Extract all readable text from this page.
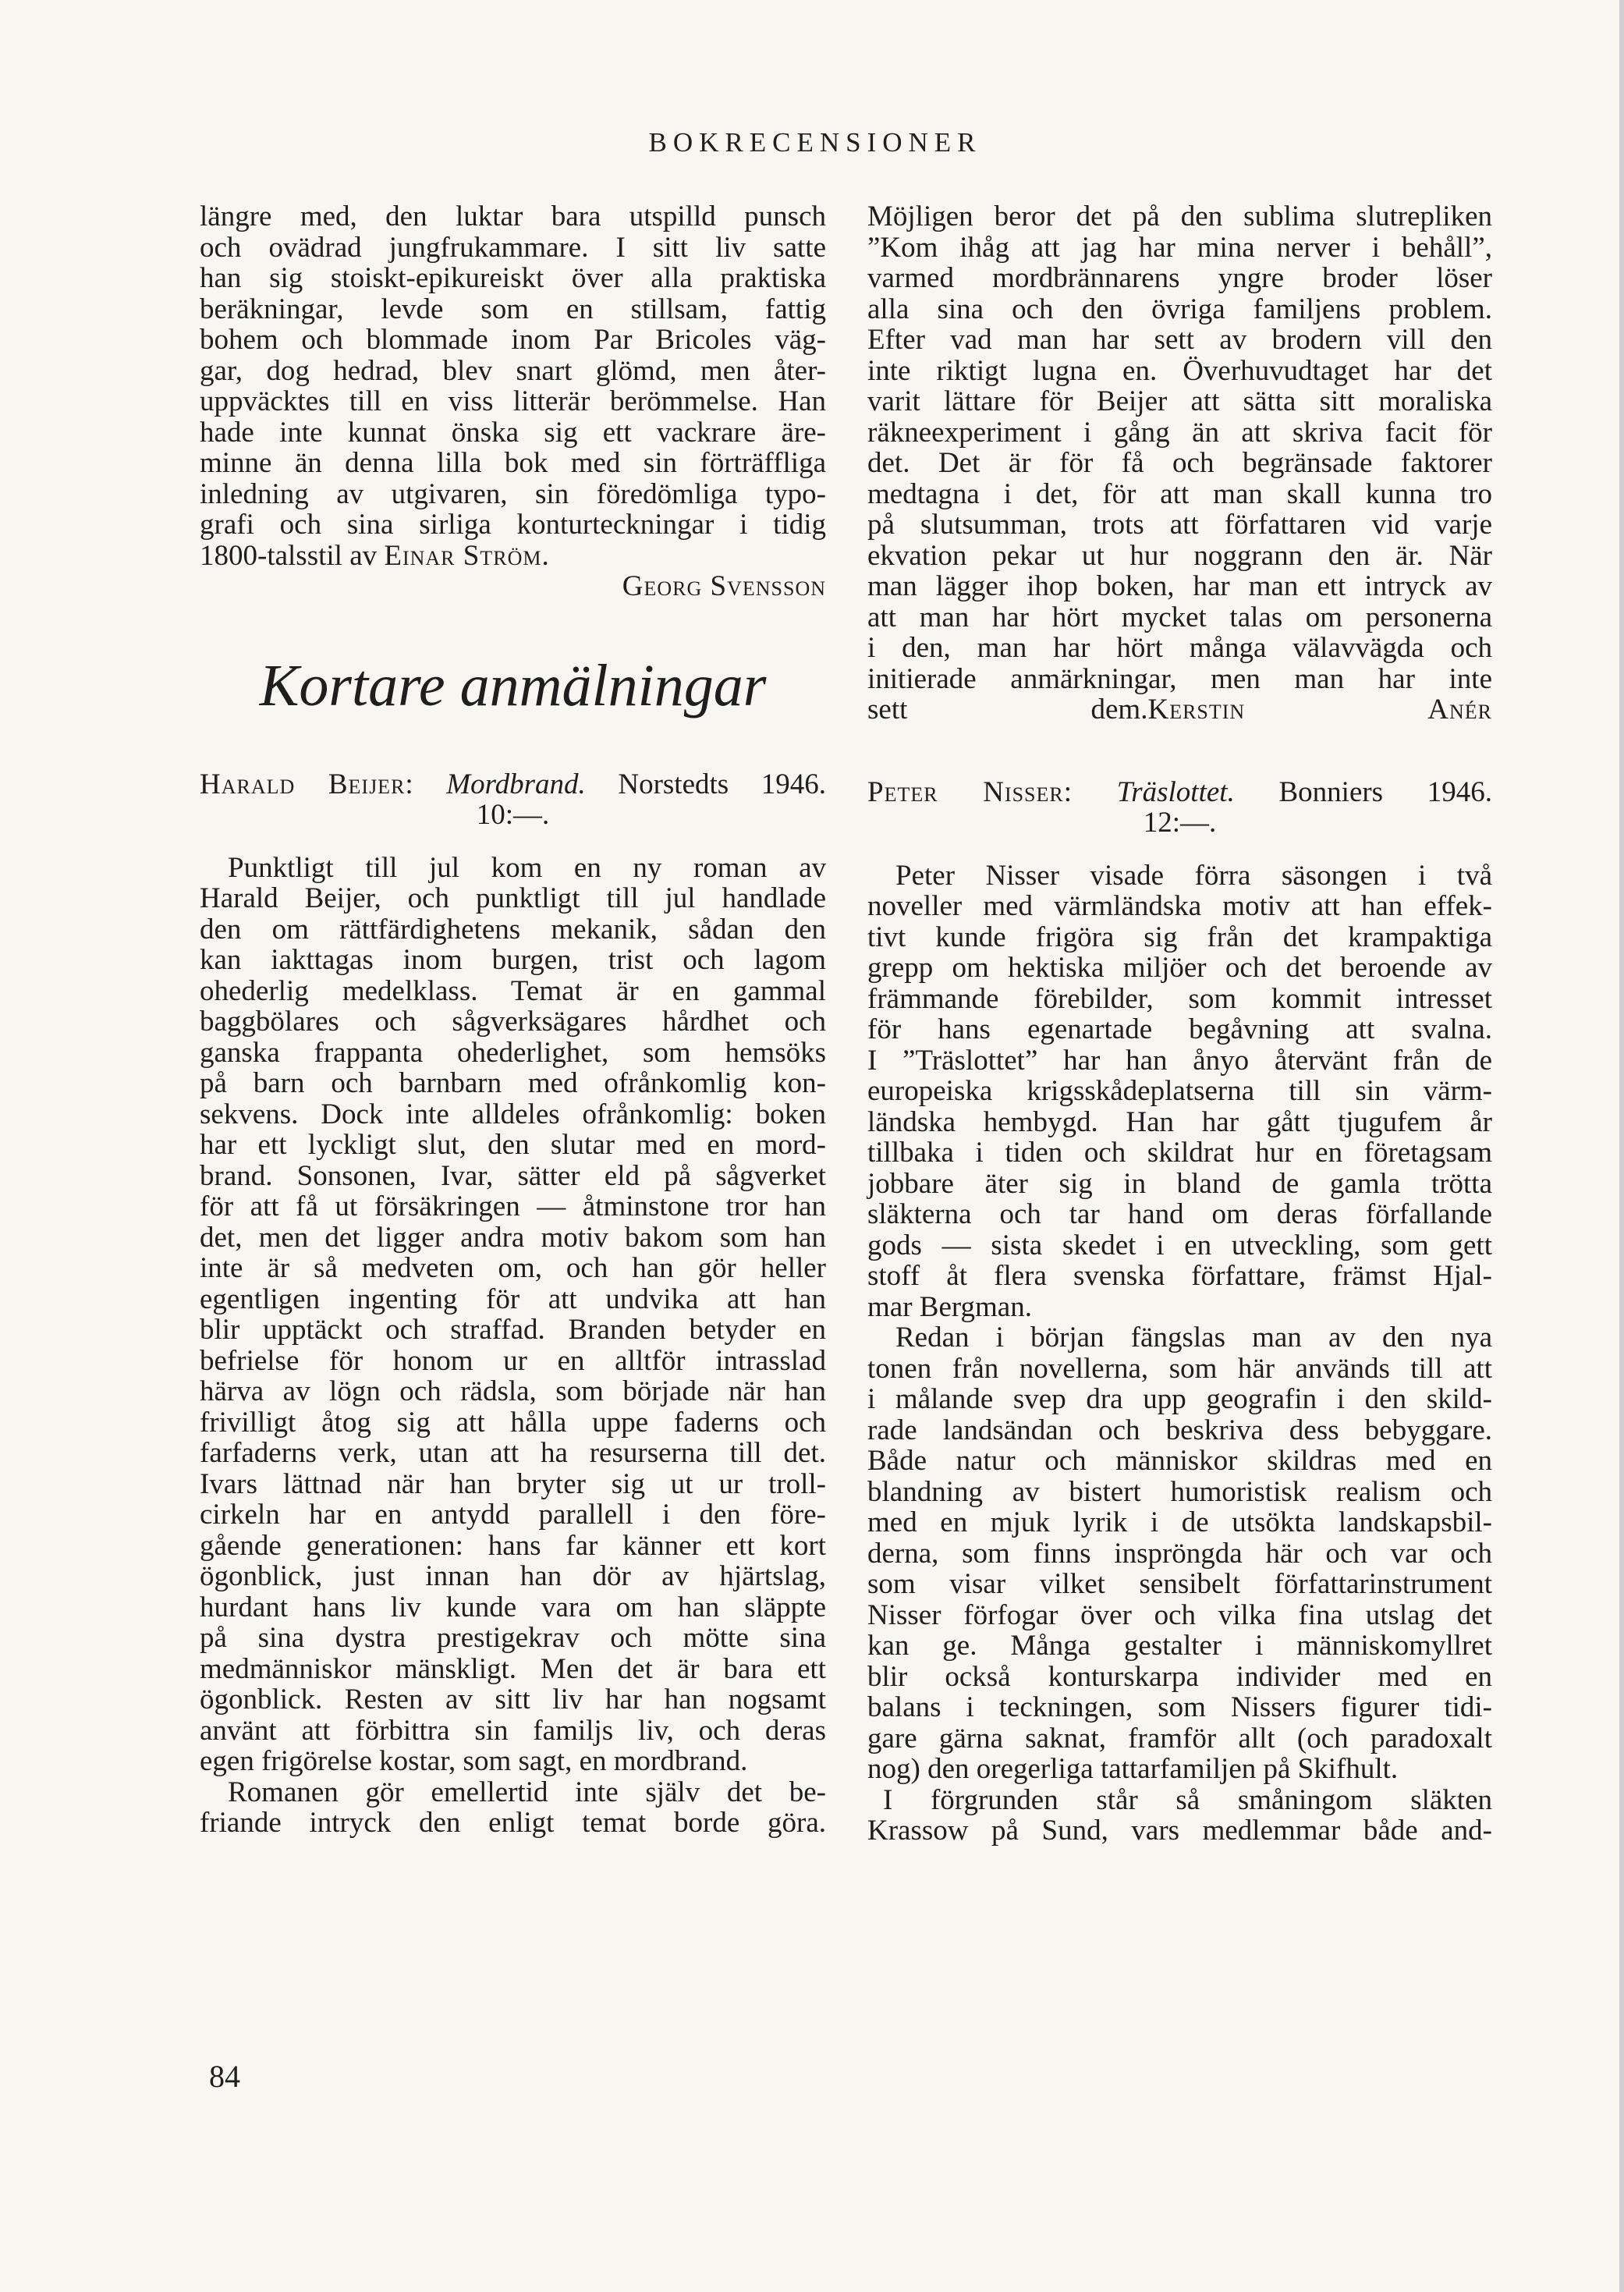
BOKRECENSIONER
längre med, den luktar bara utspilld punsch
och ovädrad jungfrukammare. I sitt liv satte
han sig stoiskt-epikureiskt över alla praktiska
beräkningar, levde som en stillsam, fattig
bohem och blommade inom Par Bricoles väg-
gar, dog hedrad, blev snart glömd, men åter-
uppväcktes till en viss litterär berömmelse. Han
hade inte kunnat önska sig ett vackrare äre-
minne än denna lilla bok med sin förträffliga
inledning av utgivaren, sin föredömliga typo-
grafi och sina sirliga konturteckningar i tidig
1800-talsstil av Einar Ström.
Georg Svensson
Kortare anmälningar
Harald Beijer: Mordbrand. Norstedts 1946.
10:—.
Punktligt till jul kom en ny roman av
Harald Beijer, och punktligt till jul handlade
den om rättfärdighetens mekanik, sådan den
kan iakttagas inom burgen, trist och lagom
ohederlig medelklass. Temat är en gammal
baggbölares och sågverksägares hårdhet och
ganska frappanta ohederlighet, som hemsöks
på barn och barnbarn med ofrånkomlig kon-
sekvens. Dock inte alldeles ofrånkomlig: boken
har ett lyckligt slut, den slutar med en mord-
brand. Sonsonen, Ivar, sätter eld på sågverket
för att få ut försäkringen — åtminstone tror han
det, men det ligger andra motiv bakom som han
inte är så medveten om, och han gör heller
egentligen ingenting för att undvika att han
blir upptäckt och straffad. Branden betyder en
befrielse för honom ur en alltför intrasslad
härva av lögn och rädsla, som började när han
frivilligt åtog sig att hålla uppe faderns och
farfaderns verk, utan att ha resurserna till det.
Ivars lättnad när han bryter sig ut ur troll-
cirkeln har en antydd parallell i den före-
gående generationen: hans far känner ett kort
ögonblick, just innan han dör av hjärtslag,
hurdant hans liv kunde vara om han släppte
på sina dystra prestigekrav och mötte sina
medmänniskor mänskligt. Men det är bara ett
ögonblick. Resten av sitt liv har han nogsamt
använt att förbittra sin familjs liv, och deras
egen frigörelse kostar, som sagt, en mordbrand.
Romanen gör emellertid inte själv det be-
friande intryck den enligt temat borde göra.
Möjligen beror det på den sublima slutrepliken
”Kom ihåg att jag har mina nerver i behåll”,
varmed mordbrännarens yngre broder löser
alla sina och den övriga familjens problem.
Efter vad man har sett av brodern vill den
inte riktigt lugna en. Överhuvudtaget har det
varit lättare för Beijer att sätta sitt moraliska
räkneexperiment i gång än att skriva facit för
det. Det är för få och begränsade faktorer
medtagna i det, för att man skall kunna tro
på slutsumman, trots att författaren vid varje
ekvation pekar ut hur noggrann den är. När
man lägger ihop boken, har man ett intryck av
att man har hört mycket talas om personerna
i den, man har hört många välavvägda och
initierade anmärkningar, men man har inte
sett dem.Kerstin Anér
Peter Nisser: Träslottet. Bonniers 1946.
12:—.
Peter Nisser visade förra säsongen i två
noveller med värmländska motiv att han effek-
tivt kunde frigöra sig från det krampaktiga
grepp om hektiska miljöer och det beroende av
främmande förebilder, som kommit intresset
för hans egenartade begåvning att svalna.
I ”Träslottet” har han ånyo återvänt från de
europeiska krigsskådeplatserna till sin värm-
ländska hembygd. Han har gått tjugufem år
tillbaka i tiden och skildrat hur en företagsam
jobbare äter sig in bland de gamla trötta
släkterna och tar hand om deras förfallande
gods — sista skedet i en utveckling, som gett
stoff åt flera svenska författare, främst Hjal-
mar Bergman.
Redan i början fängslas man av den nya
tonen från novellerna, som här används till att
i målande svep dra upp geografin i den skild-
rade landsändan och beskriva dess bebyggare.
Både natur och människor skildras med en
blandning av bistert humoristisk realism och
med en mjuk lyrik i de utsökta landskapsbil-
derna, som finns inspröngda här och var och
som visar vilket sensibelt författarinstrument
Nisser förfogar över och vilka fina utslag det
kan ge. Många gestalter i människomyllret
blir också konturskarpa individer med en
balans i teckningen, som Nissers figurer tidi-
gare gärna saknat, framför allt (och paradoxalt
nog) den oregerliga tattarfamiljen på Skifhult.
I förgrunden står så småningom släkten
Krassow på Sund, vars medlemmar både and-
84
